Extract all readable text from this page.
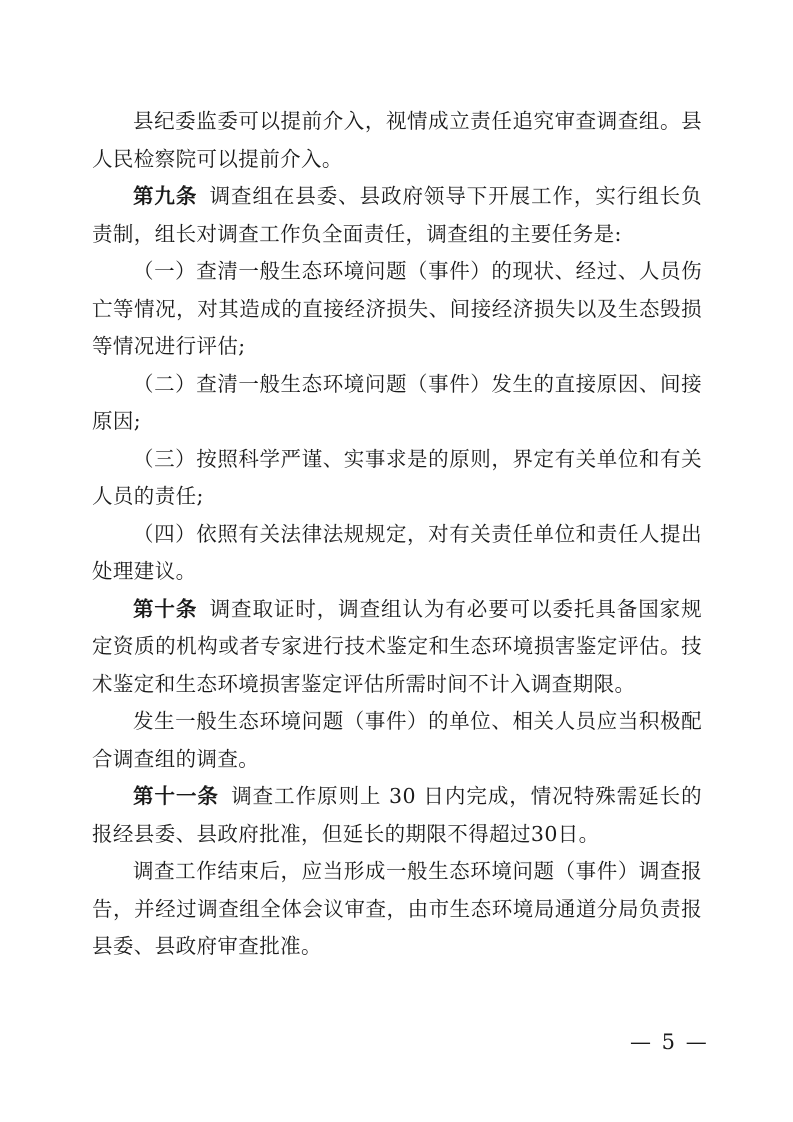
县纪委监委可以提前介入，视情成立责任追究审查调查组。县人民检察院可以提前介入。

第九条 调查组在县委、县政府领导下开展工作，实行组长负责制，组长对调查工作负全面责任，调查组的主要任务是:

（一）查清一般生态环境问题（事件）的现状、经过、人员伤亡等情况，对其造成的直接经济损失、间接经济损失以及生态毁损等情况进行评估;

（二）查清一般生态环境问题（事件）发生的直接原因、间接原因;

（三）按照科学严谨、实事求是的原则，界定有关单位和有关人员的责任;

（四）依照有关法律法规规定，对有关责任单位和责任人提出处理建议。

第十条 调查取证时，调查组认为有必要可以委托具备国家规定资质的机构或者专家进行技术鉴定和生态环境损害鉴定评估。技术鉴定和生态环境损害鉴定评估所需时间不计入调查期限。

发生一般生态环境问题（事件）的单位、相关人员应当积极配合调查组的调查。

第十一条 调查工作原则上 30 日内完成，情况特殊需延长的报经县委、县政府批准，但延长的期限不得超过30日。

调查工作结束后，应当形成一般生态环境问题（事件）调查报告，并经过调查组全体会议审查，由市生态环境局通道分局负责报县委、县政府审查批准。

— 5 —
